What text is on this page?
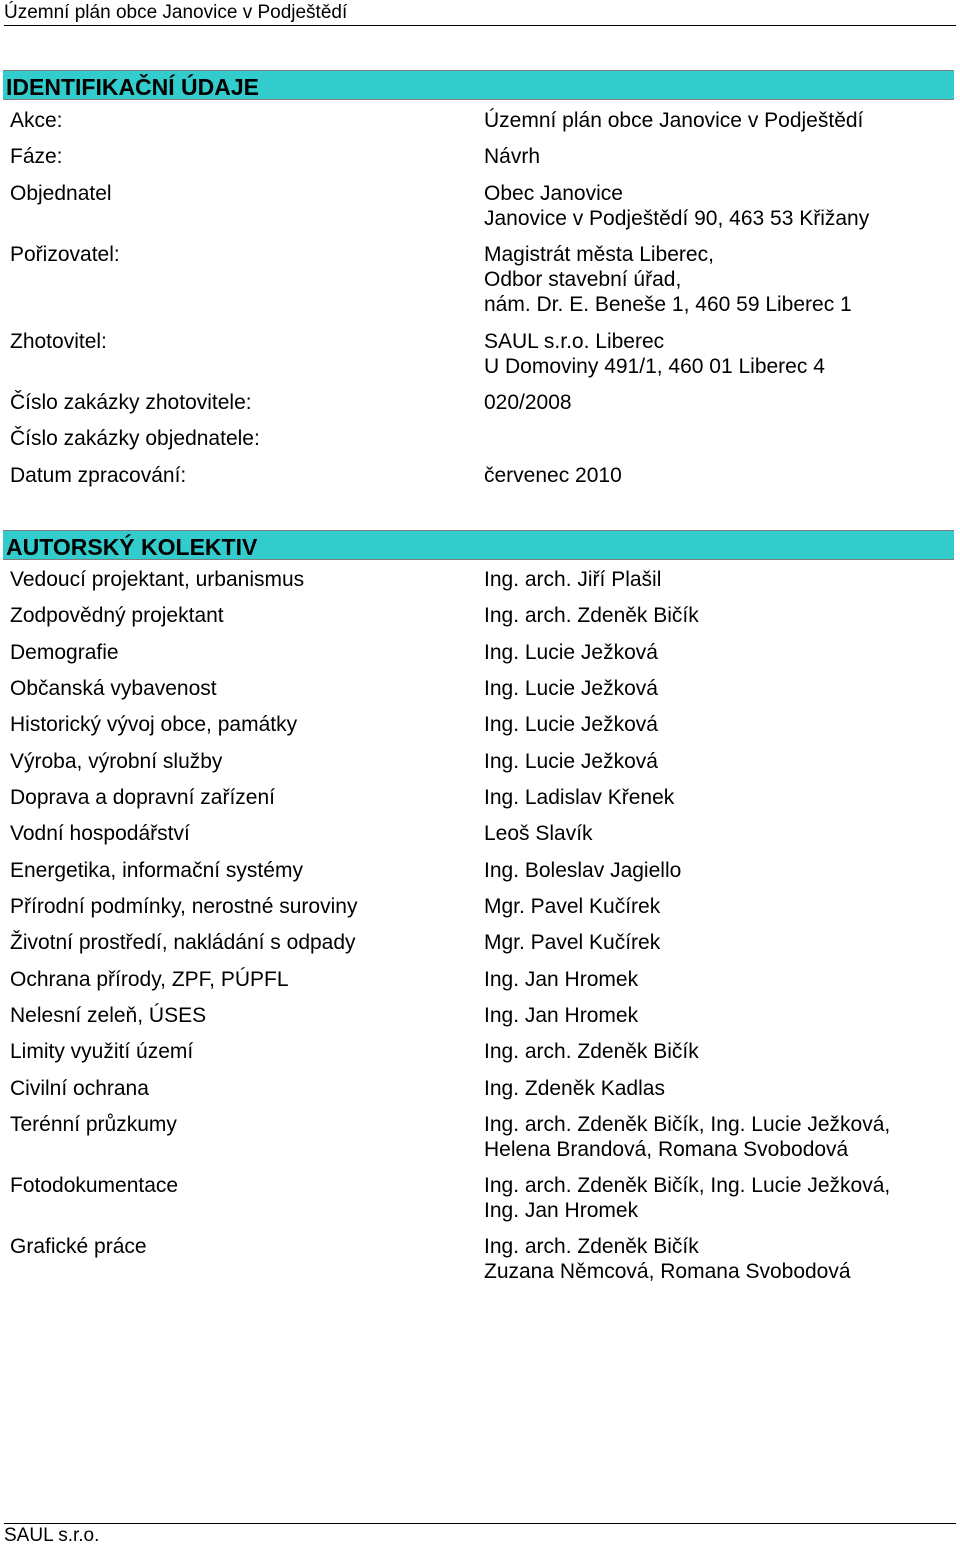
Územní plán obce Janovice v Podještědí
IDENTIFIKAČNÍ ÚDAJE
Akce:	Územní plán obce Janovice v Podještědí
Fáze:	Návrh
Objednatel	Obec Janovice
Janovice v Podještědí 90, 463 53 Křižany
Pořizovatel:	Magistrát města Liberec,
Odbor stavební úřad,
nám. Dr. E. Beneše 1, 460 59 Liberec 1
Zhotovitel:	SAUL s.r.o. Liberec
U Domoviny 491/1, 460 01 Liberec 4
Číslo zakázky zhotovitele:	020/2008
Číslo zakázky objednatele:
Datum zpracování:	červenec 2010
AUTORSKÝ KOLEKTIV
Vedoucí projektant, urbanismus	Ing. arch. Jiří Plašil
Zodpovědný projektant	Ing. arch. Zdeněk Bičík
Demografie	Ing. Lucie Ježková
Občanská vybavenost	Ing. Lucie Ježková
Historický vývoj obce, památky	Ing. Lucie Ježková
Výroba, výrobní služby	Ing. Lucie Ježková
Doprava a dopravní zařízení	Ing. Ladislav Křenek
Vodní hospodářství	Leoš Slavík
Energetika, informační systémy	Ing. Boleslav Jagiello
Přírodní podmínky, nerostné suroviny	Mgr. Pavel Kučírek
Životní prostředí, nakládání s odpady	Mgr. Pavel Kučírek
Ochrana přírody, ZPF, PÚPFL	Ing. Jan Hromek
Nelesní zeleň, ÚSES	Ing. Jan Hromek
Limity využití území	Ing. arch. Zdeněk Bičík
Civilní ochrana	Ing. Zdeněk Kadlas
Terénní průzkumy	Ing. arch. Zdeněk Bičík, Ing. Lucie Ježková,
Helena Brandová, Romana Svobodová
Fotodokumentace	Ing. arch. Zdeněk Bičík, Ing. Lucie Ježková,
Ing. Jan Hromek
Grafické práce	Ing. arch. Zdeněk Bičík
Zuzana Němcová, Romana Svobodová
SAUL s.r.o.
